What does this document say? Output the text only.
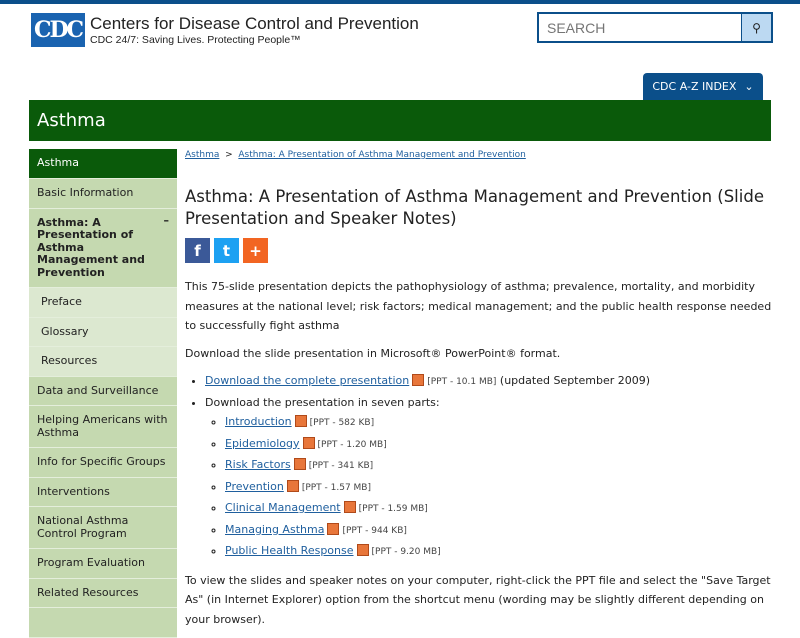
CDC Centers for Disease Control and Prevention
CDC 24/7: Saving Lives. Protecting People™
SEARCH
⚲
CDC A-Z INDEX ⌄
Asthma
Asthma
Basic Information
Asthma: A Presentation of Asthma Management and Prevention
–
Preface
Glossary
Resources
Data and Surveillance
Helping Americans with Asthma
Info for Specific Groups
Interventions
National Asthma Control Program
Program Evaluation
Related Resources
Asthma  >  Asthma: A Presentation of Asthma Management and Prevention
Asthma: A Presentation of Asthma Management and Prevention (Slide Presentation and Speaker Notes)
f	t	+

This 75-slide presentation depicts the pathophysiology of asthma; prevalence, mortality, and morbidity measures at the national level; risk factors; medical management; and the public health response needed to successfully fight asthma

Download the slide presentation in Microsoft® PowerPoint® format.

• Download the complete presentation [PPT - 10.1 MB] (updated September 2009)
• Download the presentation in seven parts:
◦ Introduction [PPT - 582 KB]
◦ Epidemiology [PPT - 1.20 MB]
◦ Risk Factors [PPT - 341 KB]
◦ Prevention [PPT - 1.57 MB]
◦ Clinical Management [PPT - 1.59 MB]
◦ Managing Asthma [PPT - 944 KB]
◦ Public Health Response [PPT - 9.20 MB]

To view the slides and speaker notes on your computer, right-click the PPT file and select the "Save Target As" (in Internet Explorer) option from the shortcut menu (wording may be slightly different depending on your browser).
